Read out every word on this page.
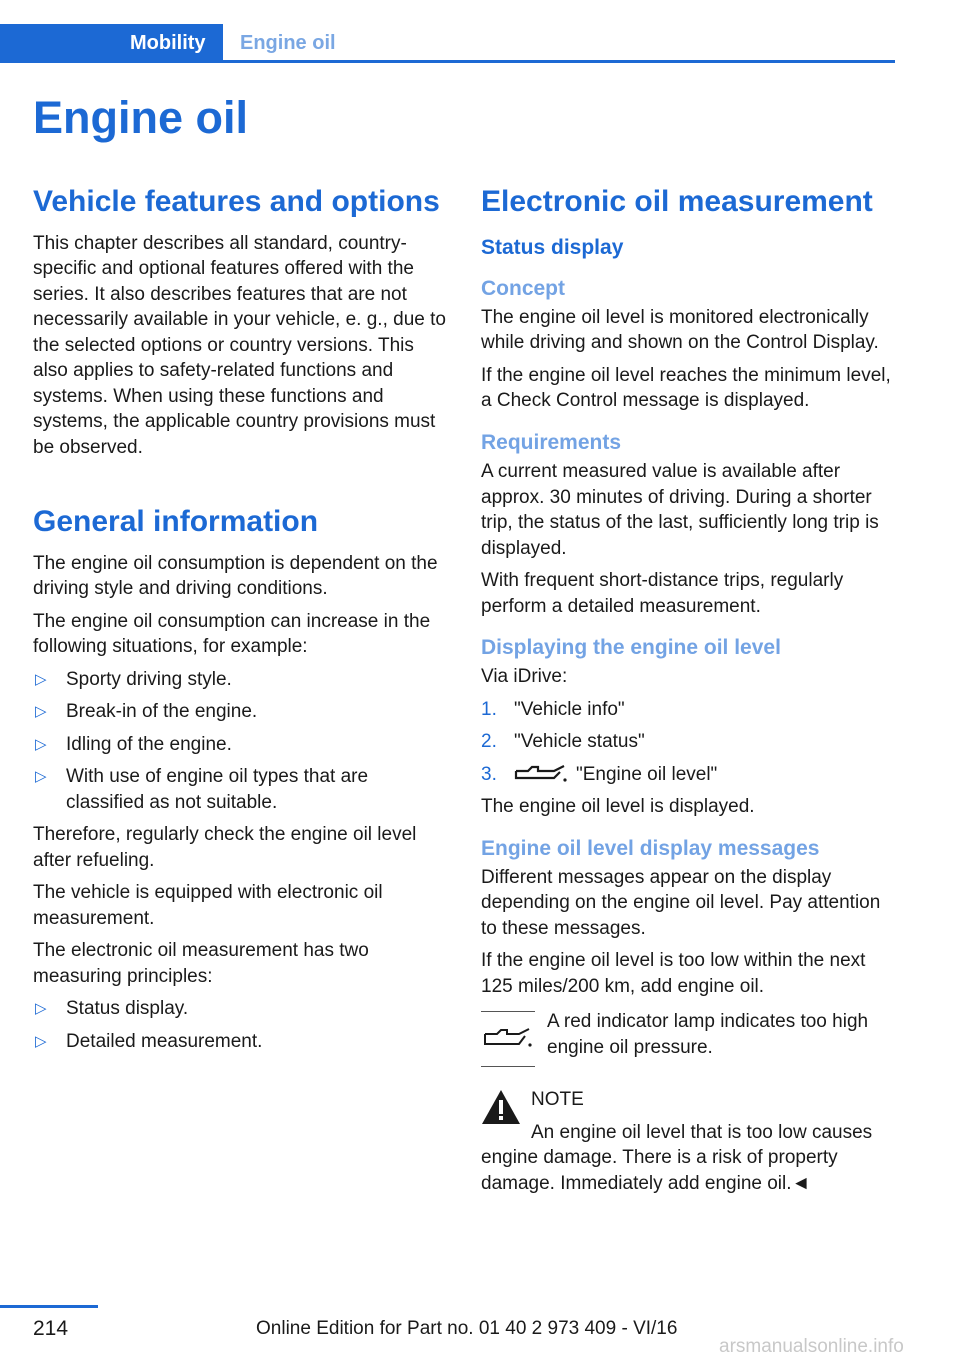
Mobility	Engine oil
Engine oil
Vehicle features and options

This chapter describes all standard, country-specific and optional features offered with the series. It also describes features that are not necessarily available in your vehicle, e. g., due to the selected options or country versions. This also applies to safety-related functions and systems. When using these functions and systems, the applicable country provisions must be observed.

General information

The engine oil consumption is dependent on the driving style and driving conditions.

The engine oil consumption can increase in the following situations, for example:

▷ Sporty driving style.
▷ Break-in of the engine.
▷ Idling of the engine.
▷ With use of engine oil types that are classified as not suitable.

Therefore, regularly check the engine oil level after refueling.

The vehicle is equipped with electronic oil measurement.

The electronic oil measurement has two measuring principles:

▷ Status display.
▷ Detailed measurement.
Electronic oil measurement
Status display
Concept

The engine oil level is monitored electronically while driving and shown on the Control Display.

If the engine oil level reaches the minimum level, a Check Control message is displayed.

Requirements

A current measured value is available after approx. 30 minutes of driving. During a shorter trip, the status of the last, sufficiently long trip is displayed.

With frequent short-distance trips, regularly perform a detailed measurement.

Displaying the engine oil level

Via iDrive:

1. "Vehicle info"
2. "Vehicle status"
3.	"Engine oil level"

The engine oil level is displayed.

Engine oil level display messages

Different messages appear on the display depending on the engine oil level. Pay attention to these messages.

If the engine oil level is too low within the next 125 miles/200 km, add engine oil.

A red indicator lamp indicates too high engine oil pressure.
NOTE
An engine oil level that is too low causes
engine damage. There is a risk of property damage. Immediately add engine oil.◄
214	Online Edition for Part no. 01 40 2 973 409 - VI/16
arsmanualsonline.info
